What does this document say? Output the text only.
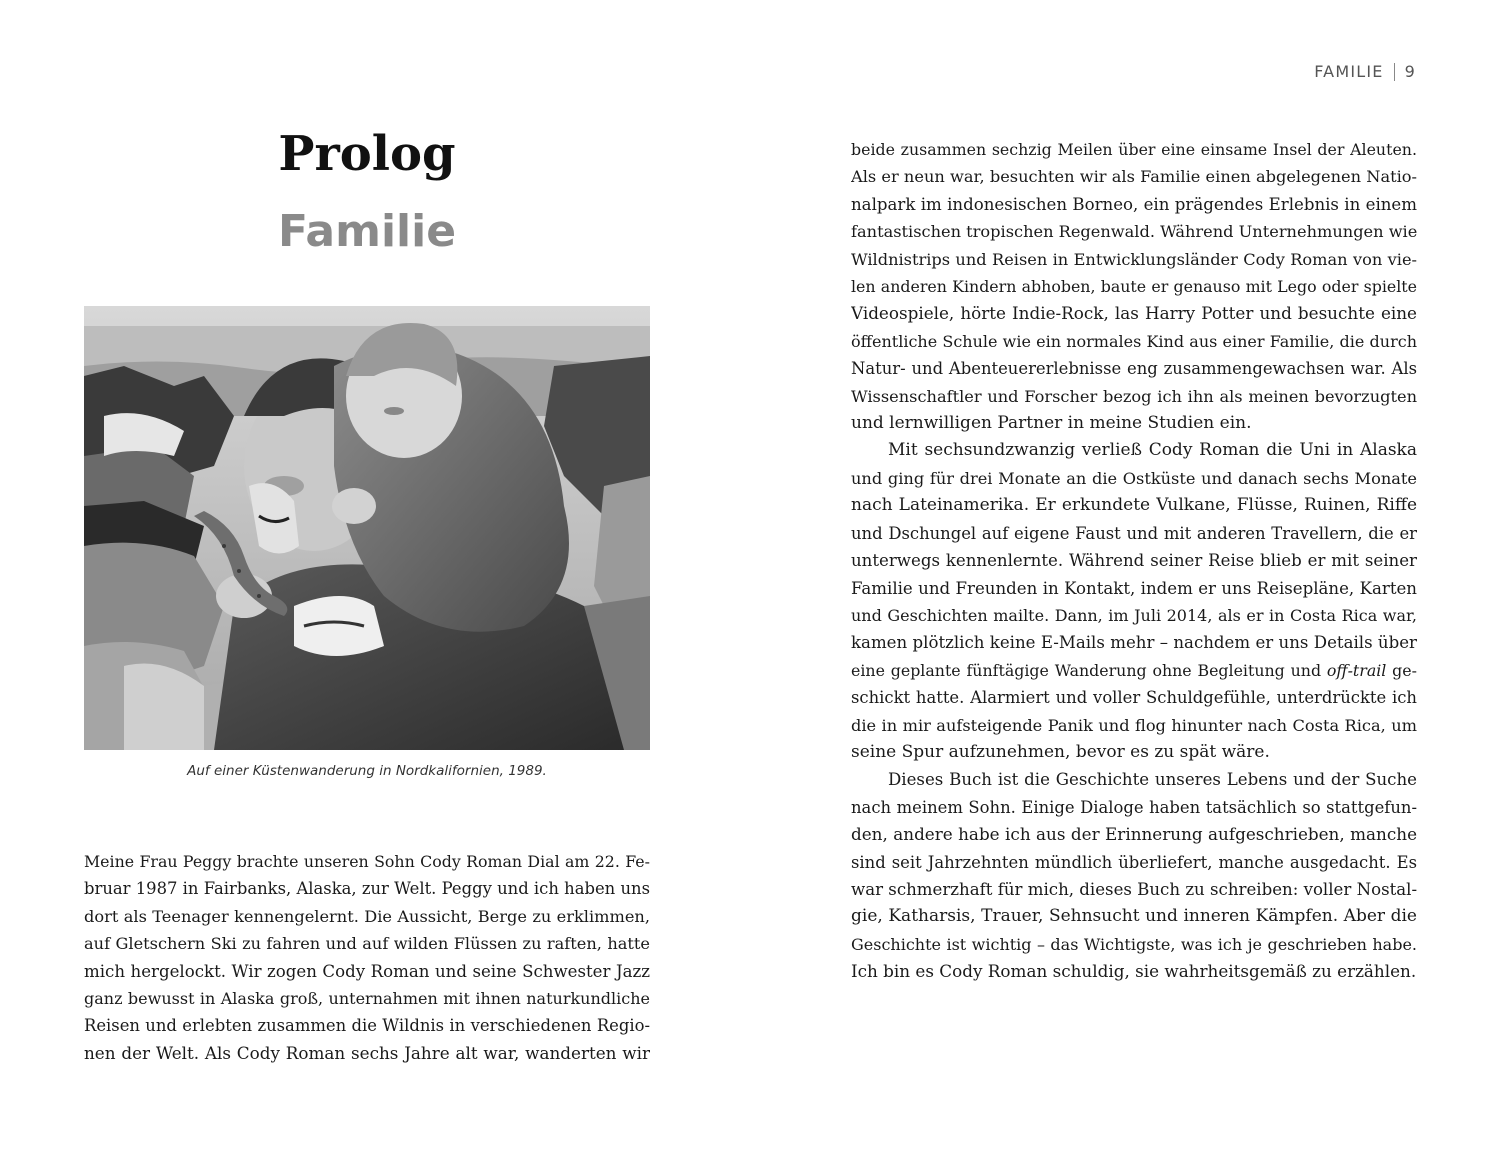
FAMILIE 9
Prolog
Familie
Auf einer Küstenwanderung in Nordkalifornien, 1989.
Meine Frau Peggy brachte unseren Sohn Cody Roman Dial am 22. Fe-
bruar 1987 in Fairbanks, Alaska, zur Welt. Peggy und ich haben uns
dort als Teenager kennengelernt. Die Aussicht, Berge zu erklimmen,
auf Gletschern Ski zu fahren und auf wilden Flüssen zu raften, hatte
mich hergelockt. Wir zogen Cody Roman und seine Schwester Jazz
ganz bewusst in Alaska groß, unternahmen mit ihnen naturkundliche
Reisen und erlebten zusammen die Wildnis in verschiedenen Regio-
nen der Welt. Als Cody Roman sechs Jahre alt war, wanderten wir
beide zusammen sechzig Meilen über eine einsame Insel der Aleuten.
Als er neun war, besuchten wir als Familie einen abgelegenen Natio-
nalpark im indonesischen Borneo, ein prägendes Erlebnis in einem
fantastischen tropischen Regenwald. Während Unternehmungen wie
Wildnistrips und Reisen in Entwicklungsländer Cody Roman von vie-
len anderen Kindern abhoben, baute er genauso mit Lego oder spielte
Videospiele, hörte Indie-Rock, las Harry Potter und besuchte eine
öffentliche Schule wie ein normales Kind aus einer Familie, die durch
Natur- und Abenteuererlebnisse eng zusammengewachsen war. Als
Wissenschaftler und Forscher bezog ich ihn als meinen bevorzugten
und lernwilligen Partner in meine Studien ein.
Mit sechsundzwanzig verließ Cody Roman die Uni in Alaska
und ging für drei Monate an die Ostküste und danach sechs Monate
nach Lateinamerika. Er erkundete Vulkane, Flüsse, Ruinen, Riffe
und Dschungel auf eigene Faust und mit anderen Travellern, die er
unterwegs kennenlernte. Während seiner Reise blieb er mit seiner
Familie und Freunden in Kontakt, indem er uns Reisepläne, Karten
und Geschichten mailte. Dann, im Juli 2014, als er in Costa Rica war,
kamen plötzlich keine E-Mails mehr – nachdem er uns Details über
eine geplante fünftägige Wanderung ohne Begleitung und off-trail ge-
schickt hatte. Alarmiert und voller Schuldgefühle, unterdrückte ich
die in mir aufsteigende Panik und flog hinunter nach Costa Rica, um
seine Spur aufzunehmen, bevor es zu spät wäre.
Dieses Buch ist die Geschichte unseres Lebens und der Suche
nach meinem Sohn. Einige Dialoge haben tatsächlich so stattgefun-
den, andere habe ich aus der Erinnerung aufgeschrieben, manche
sind seit Jahrzehnten mündlich überliefert, manche ausgedacht. Es
war schmerzhaft für mich, dieses Buch zu schreiben: voller Nostal-
gie, Katharsis, Trauer, Sehnsucht und inneren Kämpfen. Aber die
Geschichte ist wichtig – das Wichtigste, was ich je geschrieben habe.
Ich bin es Cody Roman schuldig, sie wahrheitsgemäß zu erzählen.
